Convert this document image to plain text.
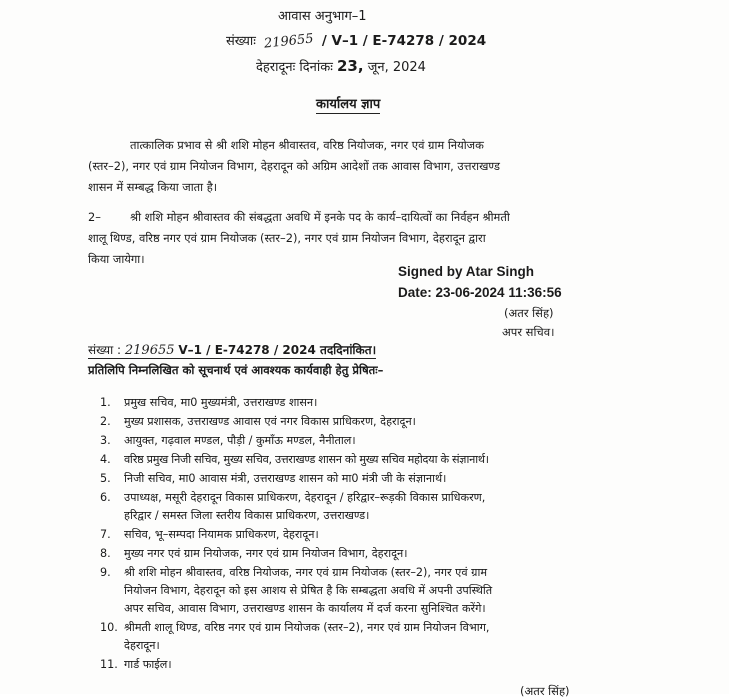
आवास अनुभाग–1
संख्याः 219655 / V–1 / E-74278 / 2024
देहरादूनः दिनांकः 23, जून, 2024
कार्यालय ज्ञाप
तात्कालिक प्रभाव से श्री शशि मोहन श्रीवास्तव, वरिष्ठ नियोजक, नगर एवं ग्राम नियोजक
(स्तर–2), नगर एवं ग्राम नियोजन विभाग, देहरादून को अग्रिम आदेशों तक आवास विभाग, उत्तराखण्ड
शासन में सम्बद्ध किया जाता है।
2–	श्री शशि मोहन श्रीवास्तव की संबद्धता अवधि में इनके पद के कार्य–दायित्वों का निर्वहन श्रीमती
शालू थिण्ड, वरिष्ठ नगर एवं ग्राम नियोजक (स्तर–2), नगर एवं ग्राम नियोजन विभाग, देहरादून द्वारा
किया जायेगा।
Signed by Atar Singh
Date: 23-06-2024 11:36:56
(अतर सिंह)
अपर सचिव।
संख्या : 219655 V–1 / E-74278 / 2024 तददिनांकित।
प्रतिलिपि निम्नलिखित को सूचनार्थ एवं आवश्यक कार्यवाही हेतु प्रेषितः–
1. प्रमुख सचिव, मा0 मुख्यमंत्री, उत्तराखण्ड शासन।
2. मुख्य प्रशासक, उत्तराखण्ड आवास एवं नगर विकास प्राधिकरण, देहरादून।
3. आयुक्त, गढ़वाल मण्डल, पौड़ी / कुमाँऊ मण्डल, नैनीताल।
4. वरिष्ठ प्रमुख निजी सचिव, मुख्य सचिव, उत्तराखण्ड शासन को मुख्य सचिव महोदया के संज्ञानार्थ।
5. निजी सचिव, मा0 आवास मंत्री, उत्तराखण्ड शासन को मा0 मंत्री जी के संज्ञानार्थ।
6. उपाध्यक्ष, मसूरी देहरादून विकास प्राधिकरण, देहरादून / हरिद्वार–रूड़की विकास प्राधिकरण,
हरिद्वार / समस्त जिला स्तरीय विकास प्राधिकरण, उत्तराखण्ड।
7. सचिव, भू–सम्पदा नियामक प्राधिकरण, देहरादून।
8. मुख्य नगर एवं ग्राम नियोजक, नगर एवं ग्राम नियोजन विभाग, देहरादून।
9. श्री शशि मोहन श्रीवास्तव, वरिष्ठ नियोजक, नगर एवं ग्राम नियोजक (स्तर–2), नगर एवं ग्राम
नियोजन विभाग, देहरादून को इस आशय से प्रेषित है कि सम्बद्धता अवधि में अपनी उपस्थिति
अपर सचिव, आवास विभाग, उत्तराखण्ड शासन के कार्यालय में दर्ज करना सुनिश्चित करेंगे।
10. श्रीमती शालू थिण्ड, वरिष्ठ नगर एवं ग्राम नियोजक (स्तर–2), नगर एवं ग्राम नियोजन विभाग,
देहरादून।
11. गार्ड फाईल।
(अतर सिंह)
